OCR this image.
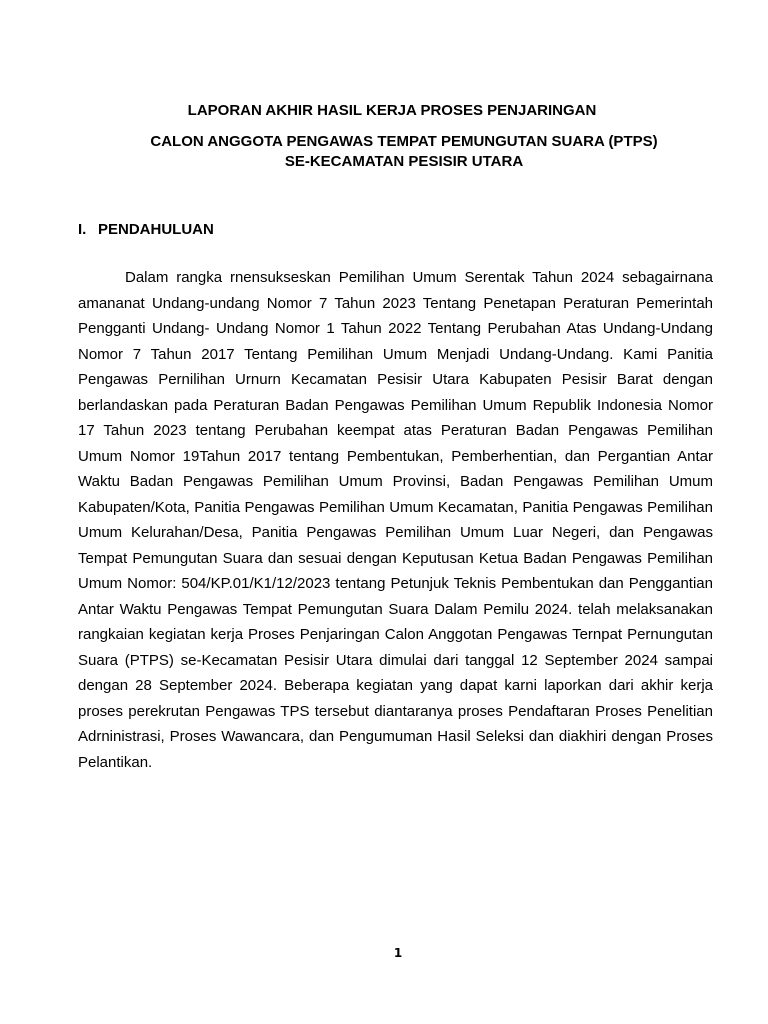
LAPORAN AKHIR HASIL KERJA PROSES PENJARINGAN
CALON ANGGOTA PENGAWAS TEMPAT PEMUNGUTAN SUARA (PTPS)
SE-KECAMATAN PESISIR UTARA
I. PENDAHULUAN

Dalam rangka rnensukseskan Pemilihan Umum Serentak Tahun 2024 sebagairnana amananat Undang-undang Nomor 7 Tahun 2023 Tentang Penetapan Peraturan Pemerintah Pengganti Undang- Undang Nomor 1 Tahun 2022 Tentang Perubahan Atas Undang-Undang Nomor 7 Tahun 2017 Tentang Pemilihan Umum Menjadi Undang-Undang. Kami Panitia Pengawas Pernilihan Urnurn Kecamatan Pesisir Utara Kabupaten Pesisir Barat dengan berlandaskan pada Peraturan Badan Pengawas Pemilihan Umum Republik Indonesia Nomor 17 Tahun 2023 tentang Perubahan keempat atas Peraturan Badan Pengawas Pemilihan Umum Nomor 19Tahun 2017 tentang Pembentukan, Pemberhentian, dan Pergantian Antar Waktu Badan Pengawas Pemilihan Umum Provinsi, Badan Pengawas Pemilihan Umum Kabupaten/Kota, Panitia Pengawas Pemilihan Umum Kecamatan, Panitia Pengawas Pemilihan Umum Kelurahan/Desa, Panitia Pengawas Pemilihan Umum Luar Negeri, dan Pengawas Tempat Pemungutan Suara dan sesuai dengan Keputusan Ketua Badan Pengawas Pemilihan Umum Nomor: 504/KP.01/K1/12/2023 tentang Petunjuk Teknis Pembentukan dan Penggantian Antar Waktu Pengawas Tempat Pemungutan Suara Dalam Pemilu 2024. telah melaksanakan rangkaian kegiatan kerja Proses Penjaringan Calon Anggotan Pengawas Ternpat Pernungutan Suara (PTPS) se-Kecamatan Pesisir Utara dimulai dari tanggal 12 September 2024 sampai dengan 28 September 2024. Beberapa kegiatan yang dapat karni laporkan dari akhir kerja proses perekrutan Pengawas TPS tersebut diantaranya proses Pendaftaran Proses Penelitian Adrninistrasi, Proses Wawancara, dan Pengumuman Hasil Seleksi dan diakhiri dengan Proses Pelantikan.

1
